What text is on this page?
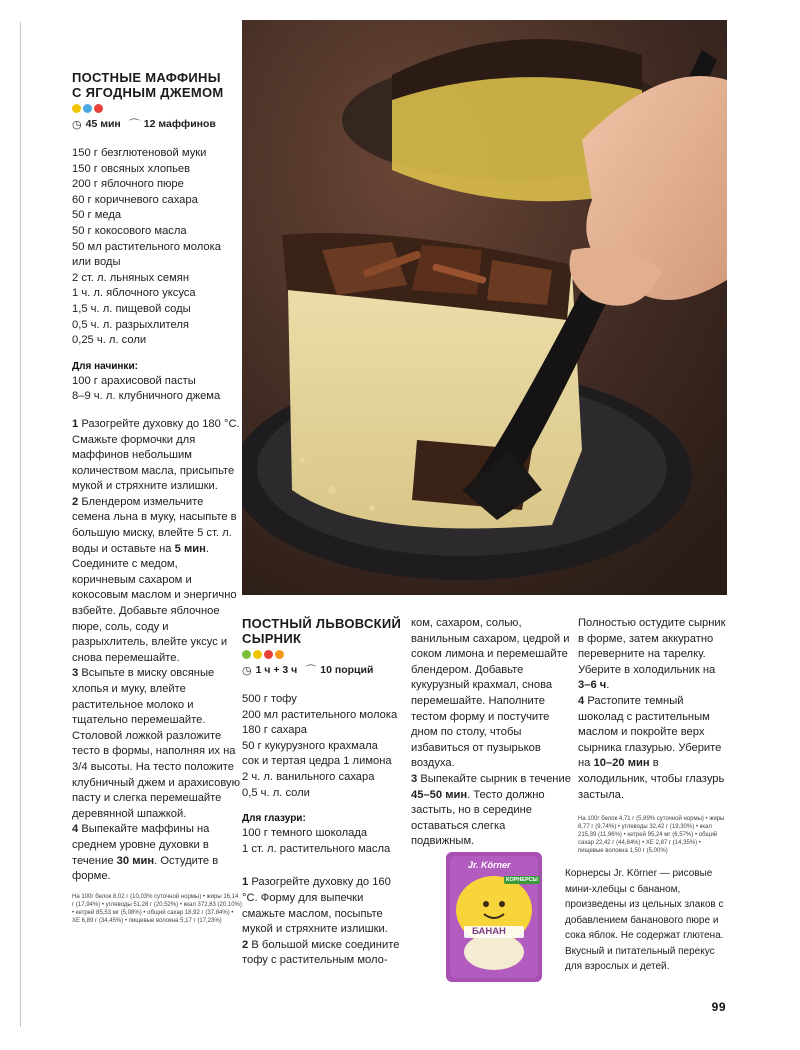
ПОСТНЫЕ МАФФИНЫ
С ЯГОДНЫМ ДЖЕМОМ
◷ 45 мин ⌒ 12 маффинов
150 г безглютеновой муки
150 г овсяных хлопьев
200 г яблочного пюре
60 г коричневого сахара
50 г меда
50 г кокосового масла
50 мл растительного молока
или воды
2 ст. л. льняных семян
1 ч. л. яблочного уксуса
1,5 ч. л. пищевой соды
0,5 ч. л. разрыхлителя
0,25 ч. л. соли
Для начинки:
100 г арахисовой пасты
8–9 ч. л. клубничного джема

1 Разогрейте духовку до 180 °С. Смажьте формочки для маффинов небольшим количеством масла, присыпьте мукой и стряхните излишки.

2 Блендером измельчите семена льна в муку, насыпьте в большую миску, влейте 5 ст. л. воды и оставьте на 5 мин. Соедините с медом, коричневым сахаром и кокосовым маслом и энергично взбейте. Добавьте яблочное пюре, соль, соду и разрыхлитель, влейте уксус и снова перемешайте.

3 Всыпьте в миску овсяные хлопья и муку, влейте растительное молоко и тщательно перемешайте. Столовой ложкой разложите тесто в формы, наполняя их на 3/4 высоты. На тесто положите клубничный джем и арахисовую пасту и слегка перемешайте деревянной шпажкой.

4 Выпекайте маффины на среднем уровне духовки в течение 30 мин. Остудите в форме.

На 100г белок 8,02 г (10,03% суточной нормы) • жиры 16,14 г (17,94%) • углеводы 51,28 г (20,52%) • ккал 372,63 (20,10%) • кетрей 85,53 мг (5,08%) • общий сахар 18,92 г (37,84%) • ХЕ 6,89 г (34,45%) • пищевые волокна 5,17 г (17,23%)
ПОСТНЫЙ ЛЬВОВСКИЙ
СЫРНИК
◷ 1 ч + 3 ч ⌒ 10 порций
500 г тофу
200 мл растительного молока
180 г сахара
50 г кукурузного крахмала
сок и тертая цедра 1 лимона
2 ч. л. ванильного сахара
0,5 ч. л. соли
Для глазури:
100 г темного шоколада
1 ст. л. растительного масла

1 Разогрейте духовку до 160 °С. Форму для выпечки смажьте маслом, посыпьте мукой и стряхните излишки.

2 В большой миске соедините тофу с растительным моло-

ком, сахаром, солью, ванильным сахаром, цедрой и соком лимона и перемешайте блендером. Добавьте кукурузный крахмал, снова перемешайте. Наполните тестом форму и постучите дном по столу, чтобы избавиться от пузырьков воздуха.

3 Выпекайте сырник в течение 45–50 мин. Тесто должно застыть, но в середине оставаться слегка подвижным.

Полностью остудите сырник в форме, затем аккуратно переверните на тарелку. Уберите в холодильник на 3–6 ч.

4 Растопите темный шоколад с растительным маслом и покройте верх сырника глазурью. Уберите на 10–20 мин в холодильник, чтобы глазурь застыла.

На 100г белок 4,71 г (5,89% суточной нормы) • жиры 8,77 г (9,74%) • углеводы 32,42 г (19,30%) • ккал 215,39 (11,96%) • кетрей 95,24 мг (6,57%) • общий сахар 22,42 г (44,84%) • ХЕ 2,87 г (14,35%) • пищевые волокна 1,50 г (5,00%)
Jr. Körner
КОРНЕРСЫ
БАНАН
Корнерсы Jr. Körner — рисовые мини-хлебцы с бананом, произведены из цельных злаков с добавлением бананового пюре и сока яблок. Не содержат глютена. Вкусный и питательный перекус для взрослых и детей.
99
